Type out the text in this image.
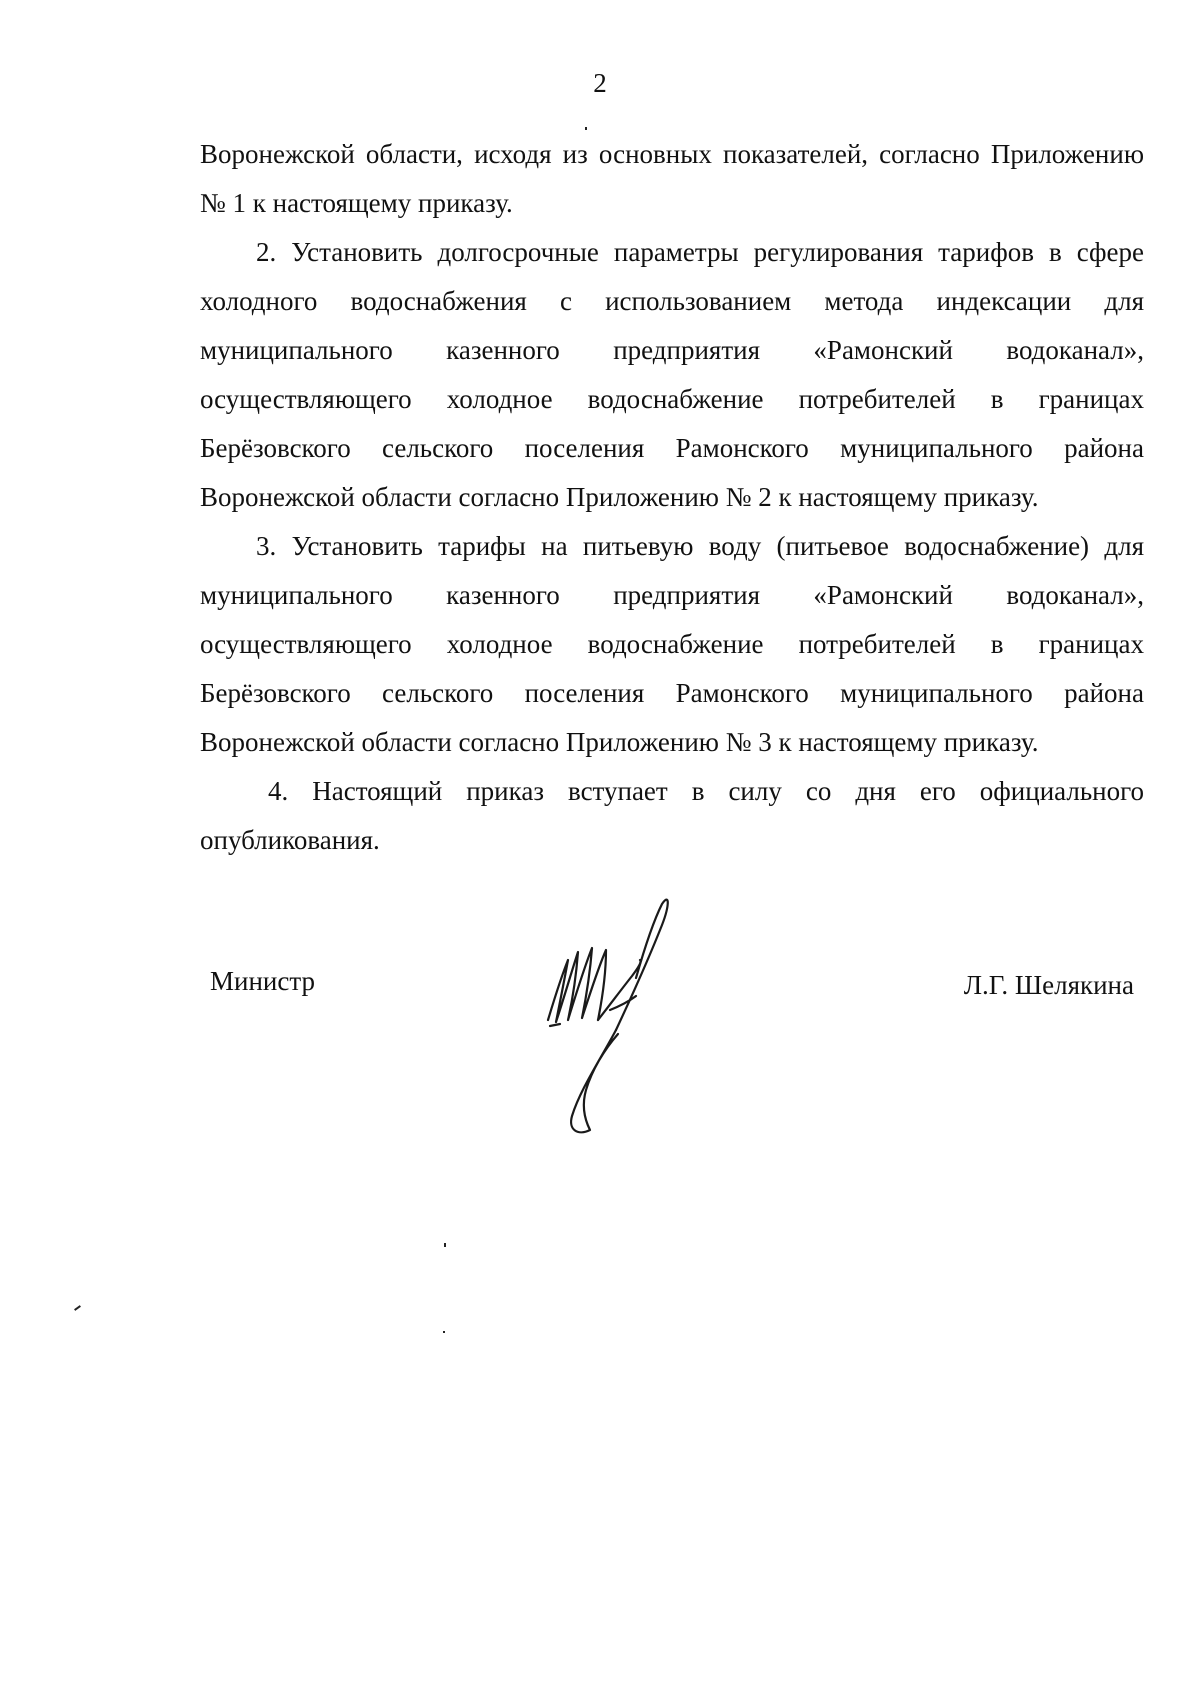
2

Воронежской области, исходя из основных показателей, согласно Приложению № 1 к настоящему приказу.

2. Установить долгосрочные параметры регулирования тарифов в сфере холодного водоснабжения с использованием метода индексации для муниципального казенного предприятия «Рамонский водоканал», осуществляющего холодное водоснабжение потребителей в границах Берёзовского сельского поселения Рамонского муниципального района Воронежской области согласно Приложению № 2 к настоящему приказу.

3. Установить тарифы на питьевую воду (питьевое водоснабжение) для муниципального казенного предприятия «Рамонский водоканал», осуществляющего холодное водоснабжение потребителей в границах Берёзовского сельского поселения Рамонского муниципального района Воронежской области согласно Приложению № 3 к настоящему приказу.

4. Настоящий приказ вступает в силу со дня его официального опубликования.

Министр	Л.Г. Шелякина
